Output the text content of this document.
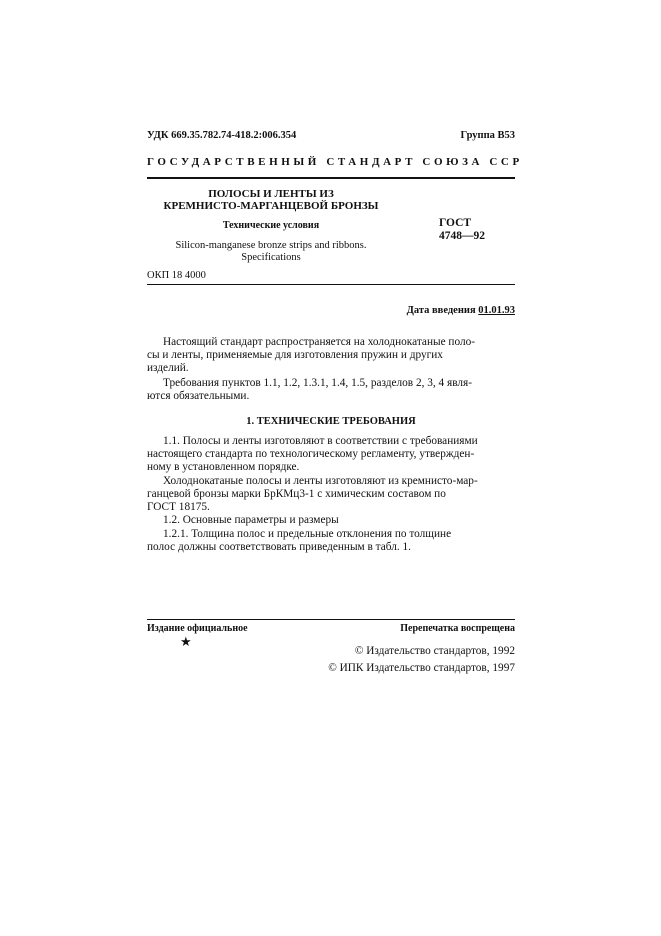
УДК 669.35.782.74-418.2:006.354	Группа В53
ГОСУДАРСТВЕННЫЙ СТАНДАРТ СОЮЗА ССР
ПОЛОСЫ И ЛЕНТЫ ИЗ
КРЕМНИСТО-МАРГАНЦЕВОЙ БРОНЗЫ
Технические условия	ГОСТ
4748—92
Silicon-manganese bronze strips and ribbons.
Specifications
ОКП 18 4000
Дата введения 01.01.93
Настоящий стандарт распространяется на холоднокатаные поло-
сы и ленты, применяемые для изготовления пружин и других
изделий.
Требования пунктов 1.1, 1.2, 1.3.1, 1.4, 1.5, разделов 2, 3, 4 явля-
ются обязательными.
1. ТЕХНИЧЕСКИЕ ТРЕБОВАНИЯ
1.1. Полосы и ленты изготовляют в соответствии с требованиями
настоящего стандарта по технологическому регламенту, утвержден-
ному в установленном порядке.
Холоднокатаные полосы и ленты изготовляют из кремнисто-мар-
ганцевой бронзы марки БрКМц3-1 с химическим составом по
ГОСТ 18175.
1.2. Основные параметры и размеры
1.2.1. Толщина полос и предельные отклонения по толщине
полос должны соответствовать приведенным в табл. 1.
Издание официальное	Перепечатка воспрещена
★
© Издательство стандартов, 1992
© ИПК Издательство стандартов, 1997
